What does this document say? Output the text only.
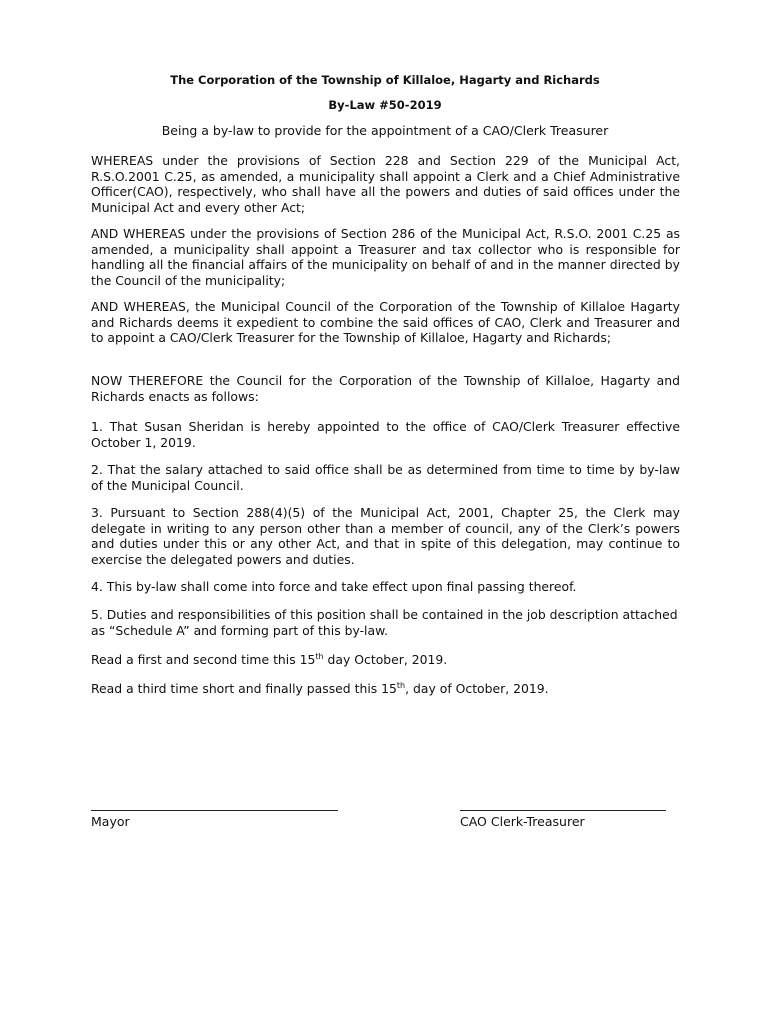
The Corporation of the Township of Killaloe, Hagarty and Richards
By-Law #50-2019
Being a by-law to provide for the appointment of a CAO/Clerk Treasurer

WHEREAS under the provisions of Section 228 and Section 229 of the Municipal Act, R.S.O.2001 C.25, as amended, a municipality shall appoint a Clerk and a Chief Administrative Officer(CAO), respectively, who shall have all the powers and duties of said offices under the Municipal Act and every other Act;

AND WHEREAS under the provisions of Section 286 of the Municipal Act, R.S.O. 2001 C.25 as amended, a municipality shall appoint a Treasurer and tax collector who is responsible for handling all the financial affairs of the municipality on behalf of and in the manner directed by the Council of the municipality;

AND WHEREAS, the Municipal Council of the Corporation of the Township of Killaloe Hagarty and Richards deems it expedient to combine the said offices of CAO, Clerk and Treasurer and to appoint a CAO/Clerk Treasurer for the Township of Killaloe, Hagarty and Richards;

NOW THEREFORE the Council for the Corporation of the Township of Killaloe, Hagarty and Richards enacts as follows:

1. That Susan Sheridan is hereby appointed to the office of CAO/Clerk Treasurer effective October 1, 2019.

2. That the salary attached to said office shall be as determined from time to time by by-law of the Municipal Council.

3. Pursuant to Section 288(4)(5) of the Municipal Act, 2001, Chapter 25, the Clerk may delegate in writing to any person other than a member of council, any of the Clerk’s powers and duties under this or any other Act, and that in spite of this delegation, may continue to exercise the delegated powers and duties.

4. This by-law shall come into force and take effect upon final passing thereof.

5. Duties and responsibilities of this position shall be contained in the job description attached as “Schedule A” and forming part of this by-law.

Read a first and second time this 15th day October, 2019.

Read a third time short and finally passed this 15th, day of October, 2019.

Mayor	CAO Clerk-Treasurer
